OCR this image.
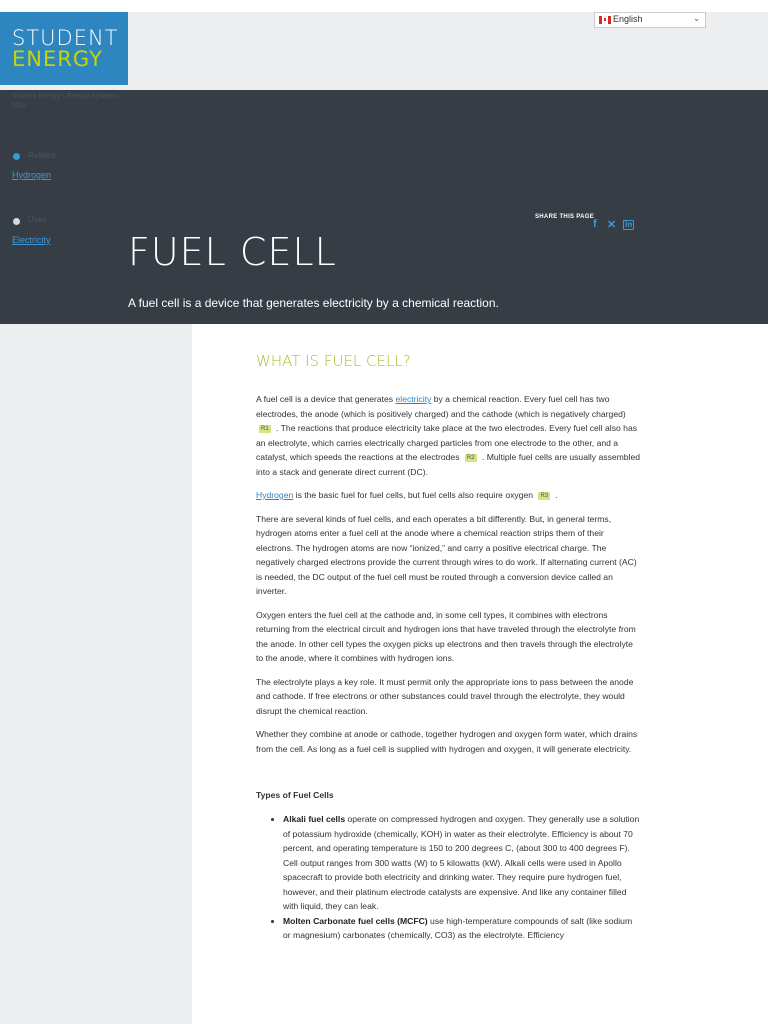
STUDENT
ENERGY
English	⌄
Student Energy's Energy Systems Map
Related
Hydrogen
Uses
Electricity
SHARE THIS PAGE
f ✕ in
FUEL CELL
A fuel cell is a device that generates electricity by a chemical reaction.
WHAT IS FUEL CELL?

A fuel cell is a device that generates electricity by a chemical reaction. Every fuel cell has two electrodes, the anode (which is positively charged) and the cathode (which is negatively charged) R1 . The reactions that produce electricity take place at the two electrodes. Every fuel cell also has an electrolyte, which carries electrically charged particles from one electrode to the other, and a catalyst, which speeds the reactions at the electrodes R2 . Multiple fuel cells are usually assembled into a stack and generate direct current (DC).

Hydrogen is the basic fuel for fuel cells, but fuel cells also require oxygen R3 .

There are several kinds of fuel cells, and each operates a bit differently. But, in general terms, hydrogen atoms enter a fuel cell at the anode where a chemical reaction strips them of their electrons. The hydrogen atoms are now “ionized,” and carry a positive electrical charge. The negatively charged electrons provide the current through wires to do work. If alternating current (AC) is needed, the DC output of the fuel cell must be routed through a conversion device called an inverter.

Oxygen enters the fuel cell at the cathode and, in some cell types, it combines with electrons returning from the electrical circuit and hydrogen ions that have traveled through the electrolyte from the anode. In other cell types the oxygen picks up electrons and then travels through the electrolyte to the anode, where it combines with hydrogen ions.

The electrolyte plays a key role. It must permit only the appropriate ions to pass between the anode and cathode. If free electrons or other substances could travel through the electrolyte, they would disrupt the chemical reaction.

Whether they combine at anode or cathode, together hydrogen and oxygen form water, which drains from the cell. As long as a fuel cell is supplied with hydrogen and oxygen, it will generate electricity.

Types of Fuel Cells
• Alkali fuel cells operate on compressed hydrogen and oxygen. They generally use a solution of potassium hydroxide (chemically, KOH) in water as their electrolyte. Efficiency is about 70 percent, and operating temperature is 150 to 200 degrees C, (about 300 to 400 degrees F). Cell output ranges from 300 watts (W) to 5 kilowatts (kW). Alkali cells were used in Apollo spacecraft to provide both electricity and drinking water. They require pure hydrogen fuel, however, and their platinum electrode catalysts are expensive. And like any container filled with liquid, they can leak.
• Molten Carbonate fuel cells (MCFC) use high-temperature compounds of salt (like sodium or magnesium) carbonates (chemically, CO3) as the electrolyte. Efficiency
